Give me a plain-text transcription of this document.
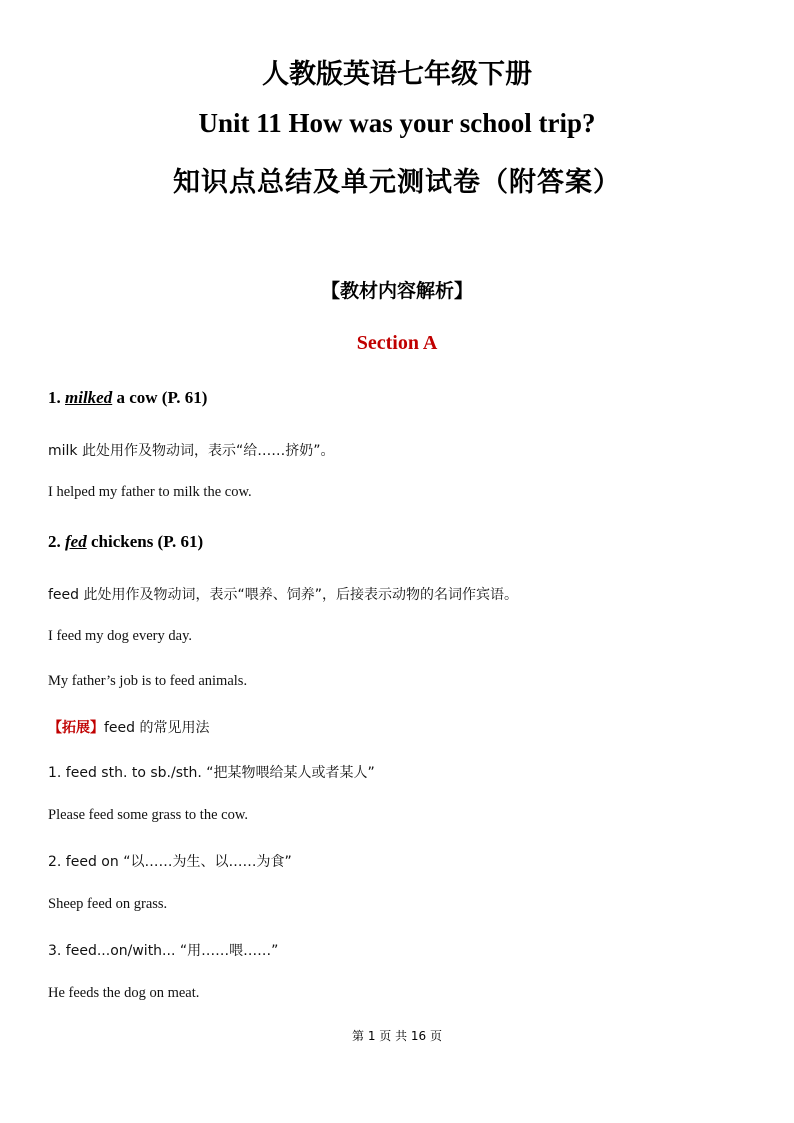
人教版英语七年级下册
Unit 11 How was your school trip?
知识点总结及单元测试卷（附答案）
【教材内容解析】
Section A
1. milked a cow (P. 61)
milk 此处用作及物动词，表示“给……挤奶”。
I helped my father to milk the cow.
2. fed chickens (P. 61)
feed 此处用作及物动词，表示“喂养、饲养”，后接表示动物的名词作宾语。
I feed my dog every day.
My father’s job is to feed animals.
【拓展】feed 的常见用法
1. feed sth. to sb./sth. “把某物喂给某人或者某人”
Please feed some grass to the cow.
2. feed on “以……为生、以……为食”
Sheep feed on grass.
3. feed...on/with... “用……喂……”
He feeds the dog on meat.
第 1 页 共 16 页
